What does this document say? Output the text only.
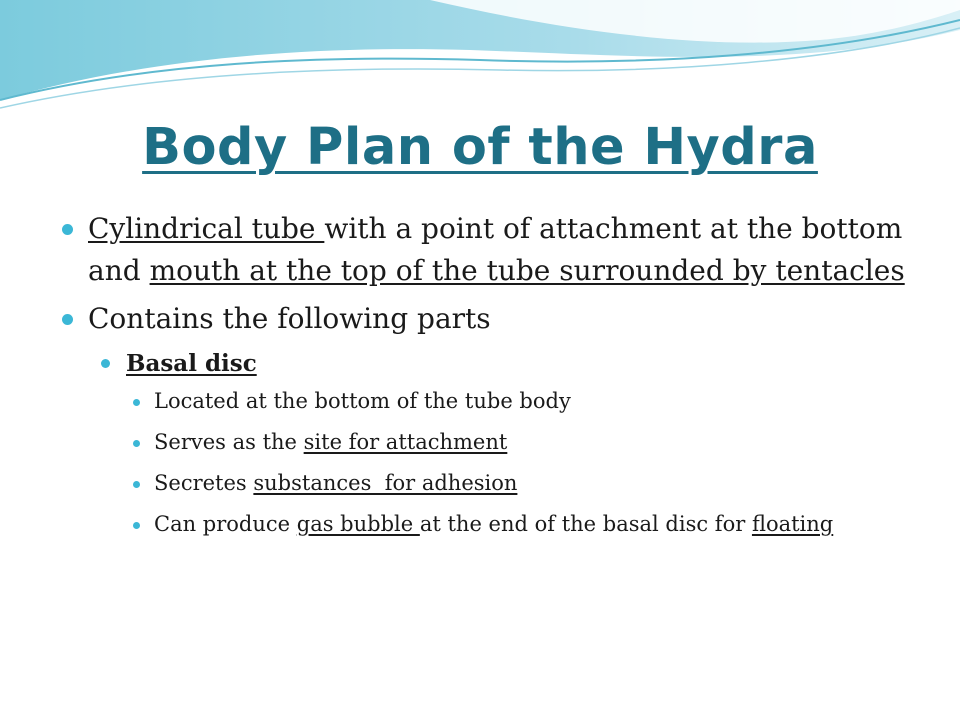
Body Plan of the Hydra
Cylindrical tube with a point of attachment at the bottom and mouth at the top of the tube surrounded by tentacles
Contains the following parts
Basal disc
Located at the bottom of the tube body
Serves as the site for attachment
Secretes substances  for adhesion
Can produce gas bubble at the end of the basal disc for floating
